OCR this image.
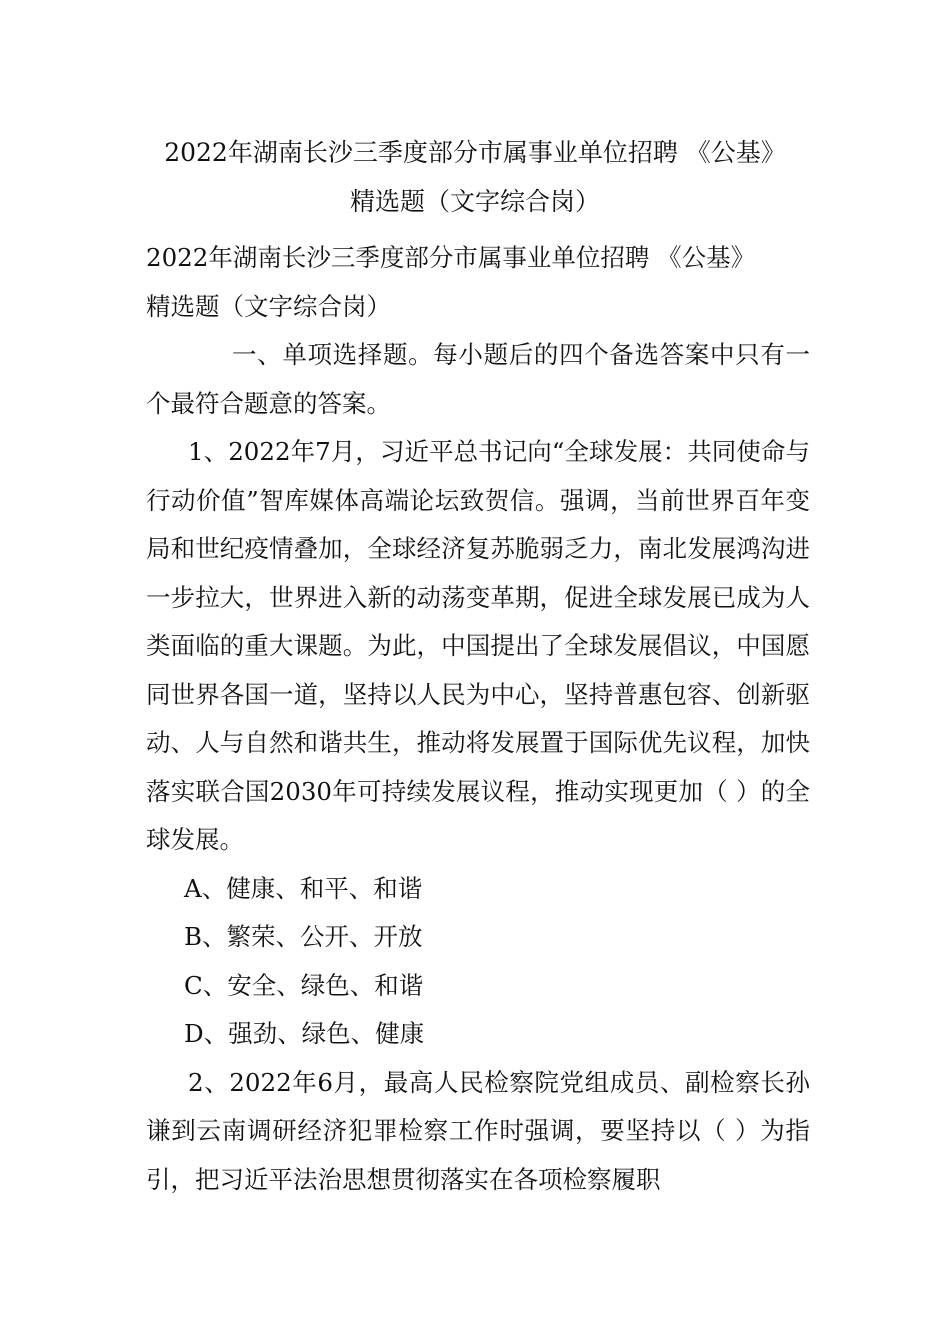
2022年湖南长沙三季度部分市属事业单位招聘 《公基》
精选题（文字综合岗）

2022年湖南长沙三季度部分市属事业单位招聘 《公基》
精选题（文字综合岗）

一、单项选择题。每小题后的四个备选答案中只有一个最符合题意的答案。

1、2022年7月，习近平总书记向“全球发展：共同使命与行动价值”智库媒体高端论坛致贺信。强调，当前世界百年变局和世纪疫情叠加，全球经济复苏脆弱乏力，南北发展鸿沟进一步拉大，世界进入新的动荡变革期，促进全球发展已成为人类面临的重大课题。为此，中国提出了全球发展倡议，中国愿同世界各国一道，坚持以人民为中心，坚持普惠包容、创新驱动、人与自然和谐共生，推动将发展置于国际优先议程，加快落实联合国2030年可持续发展议程，推动实现更加（ ）的全球发展。

A、健康、和平、和谐
B、繁荣、公开、开放
C、安全、绿色、和谐
D、强劲、绿色、健康

2、2022年6月，最高人民检察院党组成员、副检察长孙谦到云南调研经济犯罪检察工作时强调，要坚持以（ ）为指引，把习近平法治思想贯彻落实在各项检察履职
